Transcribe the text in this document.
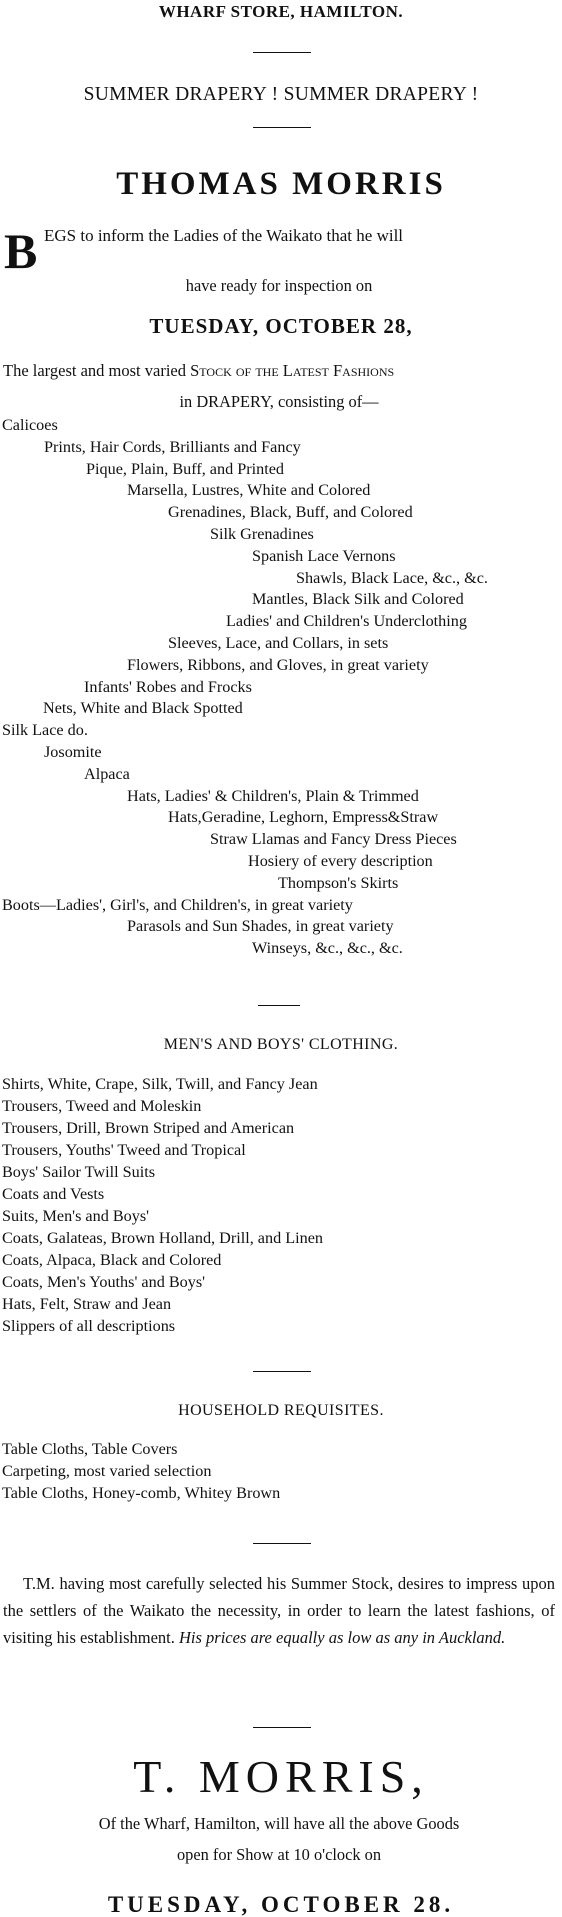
WHARF STORE, HAMILTON.
SUMMER DRAPERY ! SUMMER DRAPERY !
THOMAS MORRIS
B EGS to inform the Ladies of the Waikato that he will
have ready for inspection on
TUESDAY, OCTOBER 28,
The largest and most varied Stock of the Latest Fashions
in DRAPERY, consisting of—
Calicoes
Prints, Hair Cords, Brilliants and Fancy
Pique, Plain, Buff, and Printed
Marsella, Lustres, White and Colored
Grenadines, Black, Buff, and Colored
Silk Grenadines
Spanish Lace Vernons
Shawls, Black Lace, &c., &c.
Mantles, Black Silk and Colored
Ladies' and Children's Underclothing
Sleeves, Lace, and Collars, in sets
Flowers, Ribbons, and Gloves, in great variety
Infants' Robes and Frocks
Nets, White and Black Spotted
Silk Lace do.
Josomite
Alpaca
Hats, Ladies' & Children's, Plain & Trimmed
Hats,Geradine, Leghorn, Empress&Straw
Straw Llamas and Fancy Dress Pieces
Hosiery of every description
Thompson's Skirts
Boots—Ladies', Girl's, and Children's, in great variety
Parasols and Sun Shades, in great variety
Winseys, &c., &c., &c.
MEN'S AND BOYS' CLOTHING.
Shirts, White, Crape, Silk, Twill, and Fancy Jean
Trousers, Tweed and Moleskin
Trousers, Drill, Brown Striped and American
Trousers, Youths' Tweed and Tropical
Boys' Sailor Twill Suits
Coats and Vests
Suits, Men's and Boys'
Coats, Galateas, Brown Holland, Drill, and Linen
Coats, Alpaca, Black and Colored
Coats, Men's Youths' and Boys'
Hats, Felt, Straw and Jean
Slippers of all descriptions
HOUSEHOLD REQUISITES.
Table Cloths, Table Covers
Carpeting, most varied selection
Table Cloths, Honey-comb, Whitey Brown
T.M. having most carefully selected his Summer Stock, desires to impress upon the settlers of the Waikato the necessity, in order to learn the latest fashions, of visiting his establishment. His prices are equally as low as any in Auckland.
T. MORRIS,
Of the Wharf, Hamilton, will have all the above Goods
open for Show at 10 o'clock on
TUESDAY, OCTOBER 28.
